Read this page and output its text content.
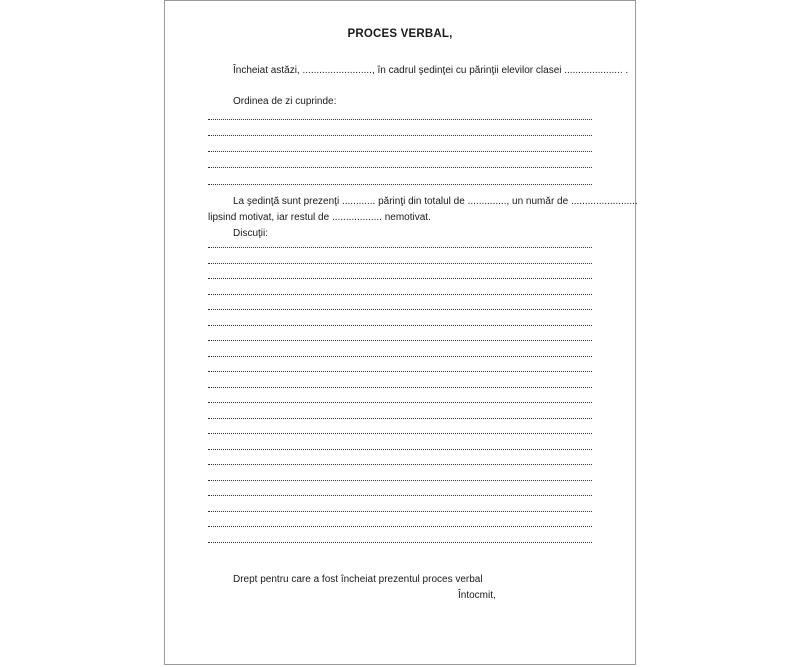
PROCES VERBAL,
Încheiat astăzi, ........................., în cadrul şedinţei cu părinţii elevilor clasei ..................... .
Ordinea de zi cuprinde:
La şedinţă sunt prezenţi ............ părinţi din totalul de .............., un număr de ........................
lipsind motivat, iar restul de .................. nemotivat.
Discuţii:
Drept pentru care a fost încheiat prezentul proces verbal
Întocmit,
